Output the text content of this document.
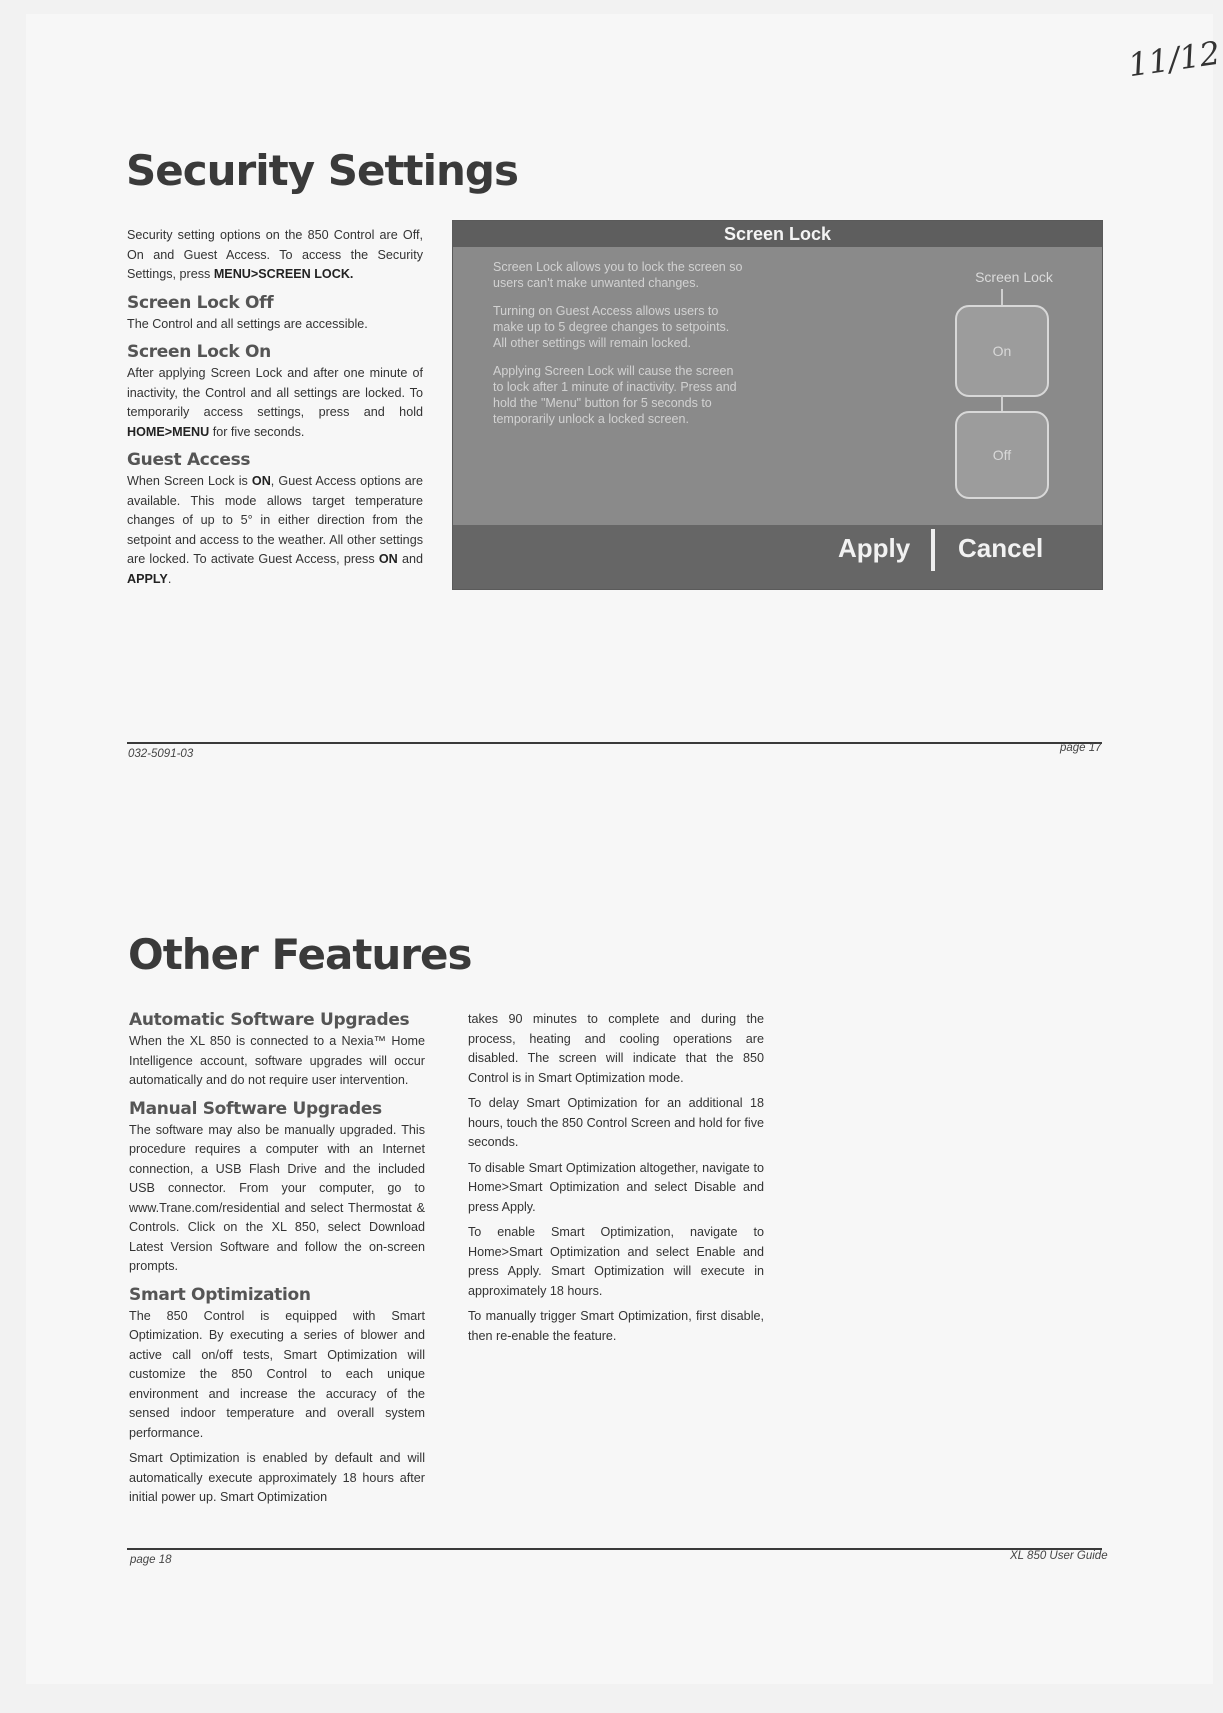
11/12
Security Settings

Security setting options on the 850 Control are Off, On and Guest Access. To access the Security Settings, press MENU>SCREEN LOCK.

Screen Lock Off

The Control and all settings are accessible.

Screen Lock On

After applying Screen Lock and after one minute of inactivity, the Control and all settings are locked. To temporarily access settings, press and hold HOME>MENU for five seconds.

Guest Access

When Screen Lock is ON, Guest Access options are available. This mode allows target temperature changes of up to 5° in either direction from the setpoint and access to the weather. All other settings are locked. To activate Guest Access, press ON and APPLY.

Screen Lock
Screen Lock allows you to lock the screen so users can't make unwanted changes.
Turning on Guest Access allows users to make up to 5 degree changes to setpoints. All other settings will remain locked.
Applying Screen Lock will cause the screen to lock after 1 minute of inactivity. Press and hold the "Menu" button for 5 seconds to temporarily unlock a locked screen.
Screen Lock
On
Off
Apply Cancel
032-5091-03	page 17
Other Features
Automatic Software Upgrades

When the XL 850 is connected to a Nexia™ Home Intelligence account, software upgrades will occur automatically and do not require user intervention.

Manual Software Upgrades

The software may also be manually upgraded. This procedure requires a computer with an Internet connection, a USB Flash Drive and the included USB connector. From your computer, go to www.Trane.com/residential and select Thermostat & Controls. Click on the XL 850, select Download Latest Version Software and follow the on-screen prompts.

Smart Optimization

The 850 Control is equipped with Smart Optimization. By executing a series of blower and active call on/off tests, Smart Optimization will customize the 850 Control to each unique environment and increase the accuracy of the sensed indoor temperature and overall system performance.

Smart Optimization is enabled by default and will automatically execute approximately 18 hours after initial power up. Smart Optimization

takes 90 minutes to complete and during the process, heating and cooling operations are disabled. The screen will indicate that the 850 Control is in Smart Optimization mode.

To delay Smart Optimization for an additional 18 hours, touch the 850 Control Screen and hold for five seconds.

To disable Smart Optimization altogether, navigate to Home>Smart Optimization and select Disable and press Apply.

To enable Smart Optimization, navigate to Home>Smart Optimization and select Enable and press Apply. Smart Optimization will execute in approximately 18 hours.

To manually trigger Smart Optimization, first disable, then re-enable the feature.

page 18	XL 850 User Guide
